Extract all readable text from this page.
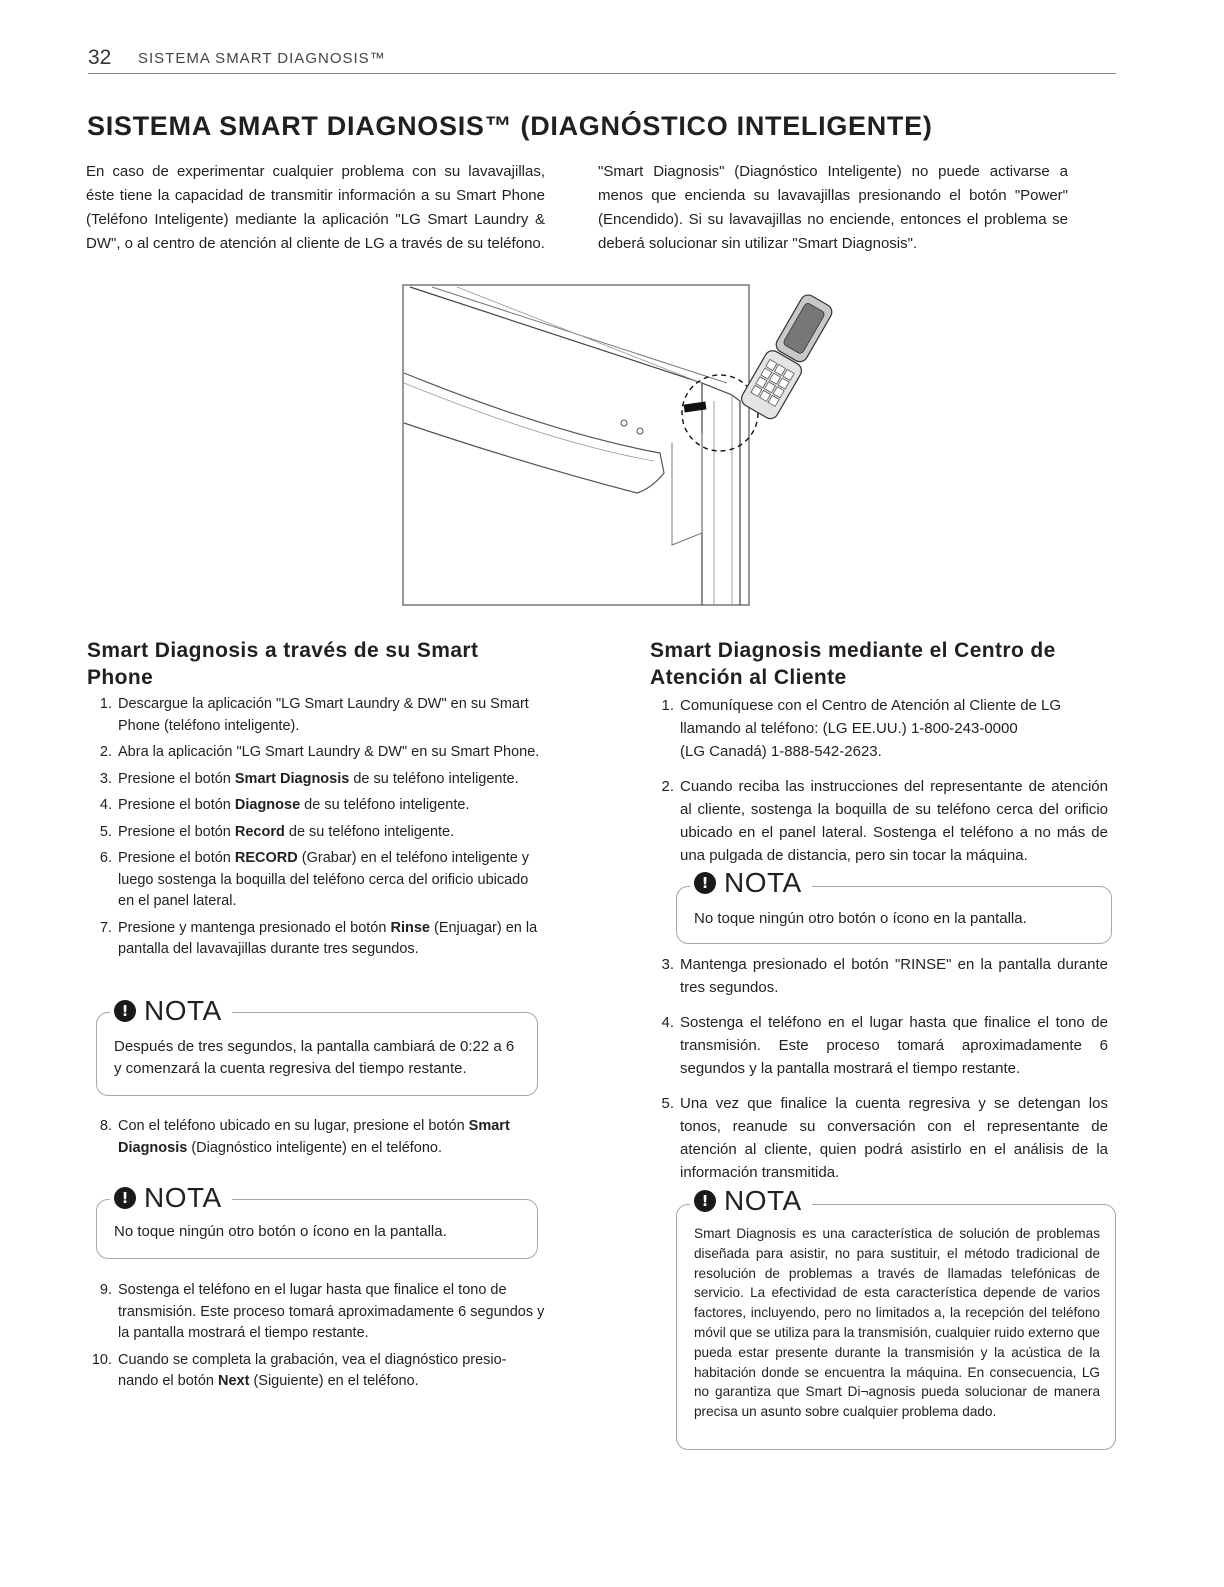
32 SISTEMA SMART DIAGNOSIS™
SISTEMA SMART DIAGNOSIS™ (DIAGNÓSTICO INTELIGENTE)

En caso de experimentar cualquier problema con su lavavajillas, éste tiene la capacidad de transmitir información a su Smart Phone (Teléfono Inteligente) mediante la aplicación "LG Smart Laundry & DW", o al centro de atención al cliente de LG a través de su teléfono.

"Smart Diagnosis" (Diagnóstico Inteligente) no puede activarse a menos que encienda su lavavajillas presionando el botón "Power" (Encendido). Si su lavavajillas no enciende, entonces el problema se deberá solucionar sin utilizar "Smart Diagnosis".

Smart Diagnosis a través de su Smart Phone
1. Descargue la aplicación "LG Smart Laundry & DW" en su Smart Phone (teléfono inteligente).
2. Abra la aplicación "LG Smart Laundry & DW" en su Smart Phone.
3. Presione el botón Smart Diagnosis de su teléfono inteligente.
4. Presione el botón Diagnose de su teléfono inteligente.
5. Presione el botón Record de su teléfono inteligente.
6. Presione el botón RECORD (Grabar) en el teléfono inteligente y luego sostenga la boquilla del teléfono cerca del orificio ubicado en el panel lateral.
7. Presione y mantenga presionado el botón Rinse (Enjuagar) en la pantalla del lavavajillas durante tres segundos.
! NOTA

Después de tres segundos, la pantalla cambiará de 0:22 a 6 y comenzará la cuenta regresiva del tiempo restante.

8. Con el teléfono ubicado en su lugar, presione el botón Smart Diagnosis (Diagnóstico inteligente) en el teléfono.
! NOTA

No toque ningún otro botón o ícono en la pantalla.

9. Sostenga el teléfono en el lugar hasta que finalice el tono de transmisión. Este proceso tomará aproximadamente 6 segundos y la pantalla mostrará el tiempo restante.
10. Cuando se completa la grabación, vea el diagnóstico presio-nando el botón Next (Siguiente) en el teléfono.
Smart Diagnosis mediante el Centro de Atención al Cliente
1. Comuníquese con el Centro de Atención al Cliente de LG llamando al teléfono: (LG EE.UU.) 1-800-243-0000
(LG Canadá) 1-888-542-2623.
2. Cuando reciba las instrucciones del representante de atención al cliente, sostenga la boquilla de su teléfono cerca del orificio ubicado en el panel lateral. Sostenga el teléfono a no más de una pulgada de distancia, pero sin tocar la máquina.
! NOTA

No toque ningún otro botón o ícono en la pantalla.

3. Mantenga presionado el botón "RINSE" en la pantalla durante tres segundos.
4. Sostenga el teléfono en el lugar hasta que finalice el tono de transmisión. Este proceso tomará aproximadamente 6 segundos y la pantalla mostrará el tiempo restante.
5. Una vez que finalice la cuenta regresiva y se detengan los tonos, reanude su conversación con el representante de atención al cliente, quien podrá asistirlo en el análisis de la información transmitida.
! NOTA

Smart Diagnosis es una característica de solución de problemas diseñada para asistir, no para sustituir, el método tradicional de resolución de problemas a través de llamadas telefónicas de servicio. La efectividad de esta característica depende de varios factores, incluyendo, pero no limitados a, la recepción del teléfono móvil que se utiliza para la transmisión, cualquier ruido externo que pueda estar presente durante la transmisión y la acústica de la habitación donde se encuentra la máquina. En consecuencia, LG no garantiza que Smart Di¬agnosis pueda solucionar de manera precisa un asunto sobre cualquier problema dado.
